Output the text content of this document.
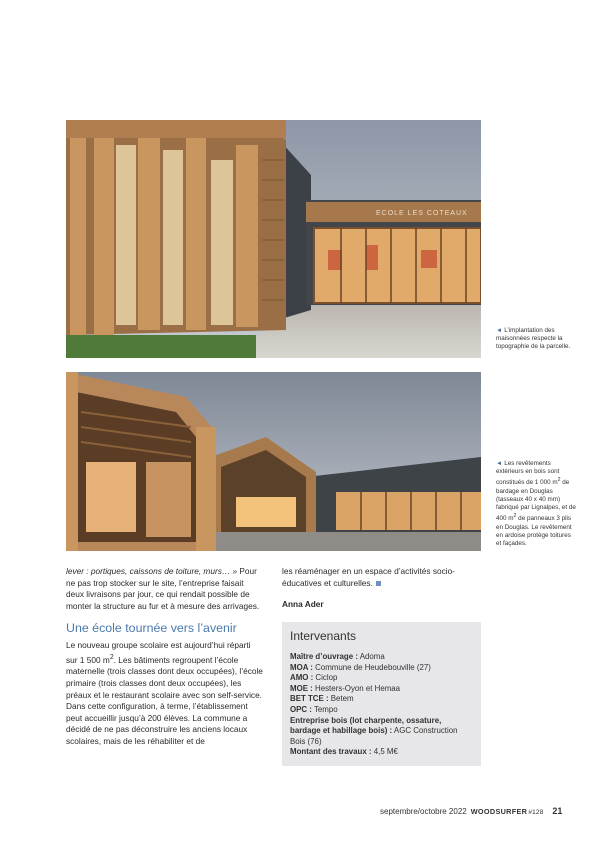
ECOLE LES COTEAUX
◄ L’implantation des maisonnées respecte la topographie de la parcelle.
◄ Les revêtements extérieurs en bois sont constitués de 1 000 $m^2$ de bardage en Douglas (tasseaux 40 x 40 mm) fabriqué par Lignalpes, et de 400 $m^2$ de panneaux 3 plis en Douglas. Le revêtement en ardoise protège toitures et façades.

lever : portiques, caissons de toiture, murs… » Pour ne pas trop stocker sur le site, l’entreprise faisait deux livraisons par jour, ce qui rendait possible de monter la structure au fur et à mesure des arrivages.

Une école tournée vers l’avenir

Le nouveau groupe scolaire est aujourd’hui réparti sur 1 500 $m^2$. Les bâtiments regroupent l’école maternelle (trois classes dont deux occupées), l’école primaire (trois classes dont deux occupées), les préaux et le restaurant scolaire avec son self-service. Dans cette configuration, à terme, l’établissement peut accueillir jusqu’à 200 élèves. La commune a décidé de ne pas déconstruire les anciens locaux scolaires, mais de les réhabiliter et de

les réaménager en un espace d’activités socio-éducatives et culturelles.

Anna Ader

Intervenants
Maître d’ouvrage : Adoma
MOA : Commune de Heudebouville (27)
AMO : Ciclop
MOE : Hesters-Oyon et Hemaa
BET TCE : Betem
OPC : Tempo
Entreprise bois (lot charpente, ossature, bardage et habillage bois) : AGC Construction Bois (76)
Montant des travaux : 4,5 M€
septembre/octobre 2022 WOODSURFER#128 21
